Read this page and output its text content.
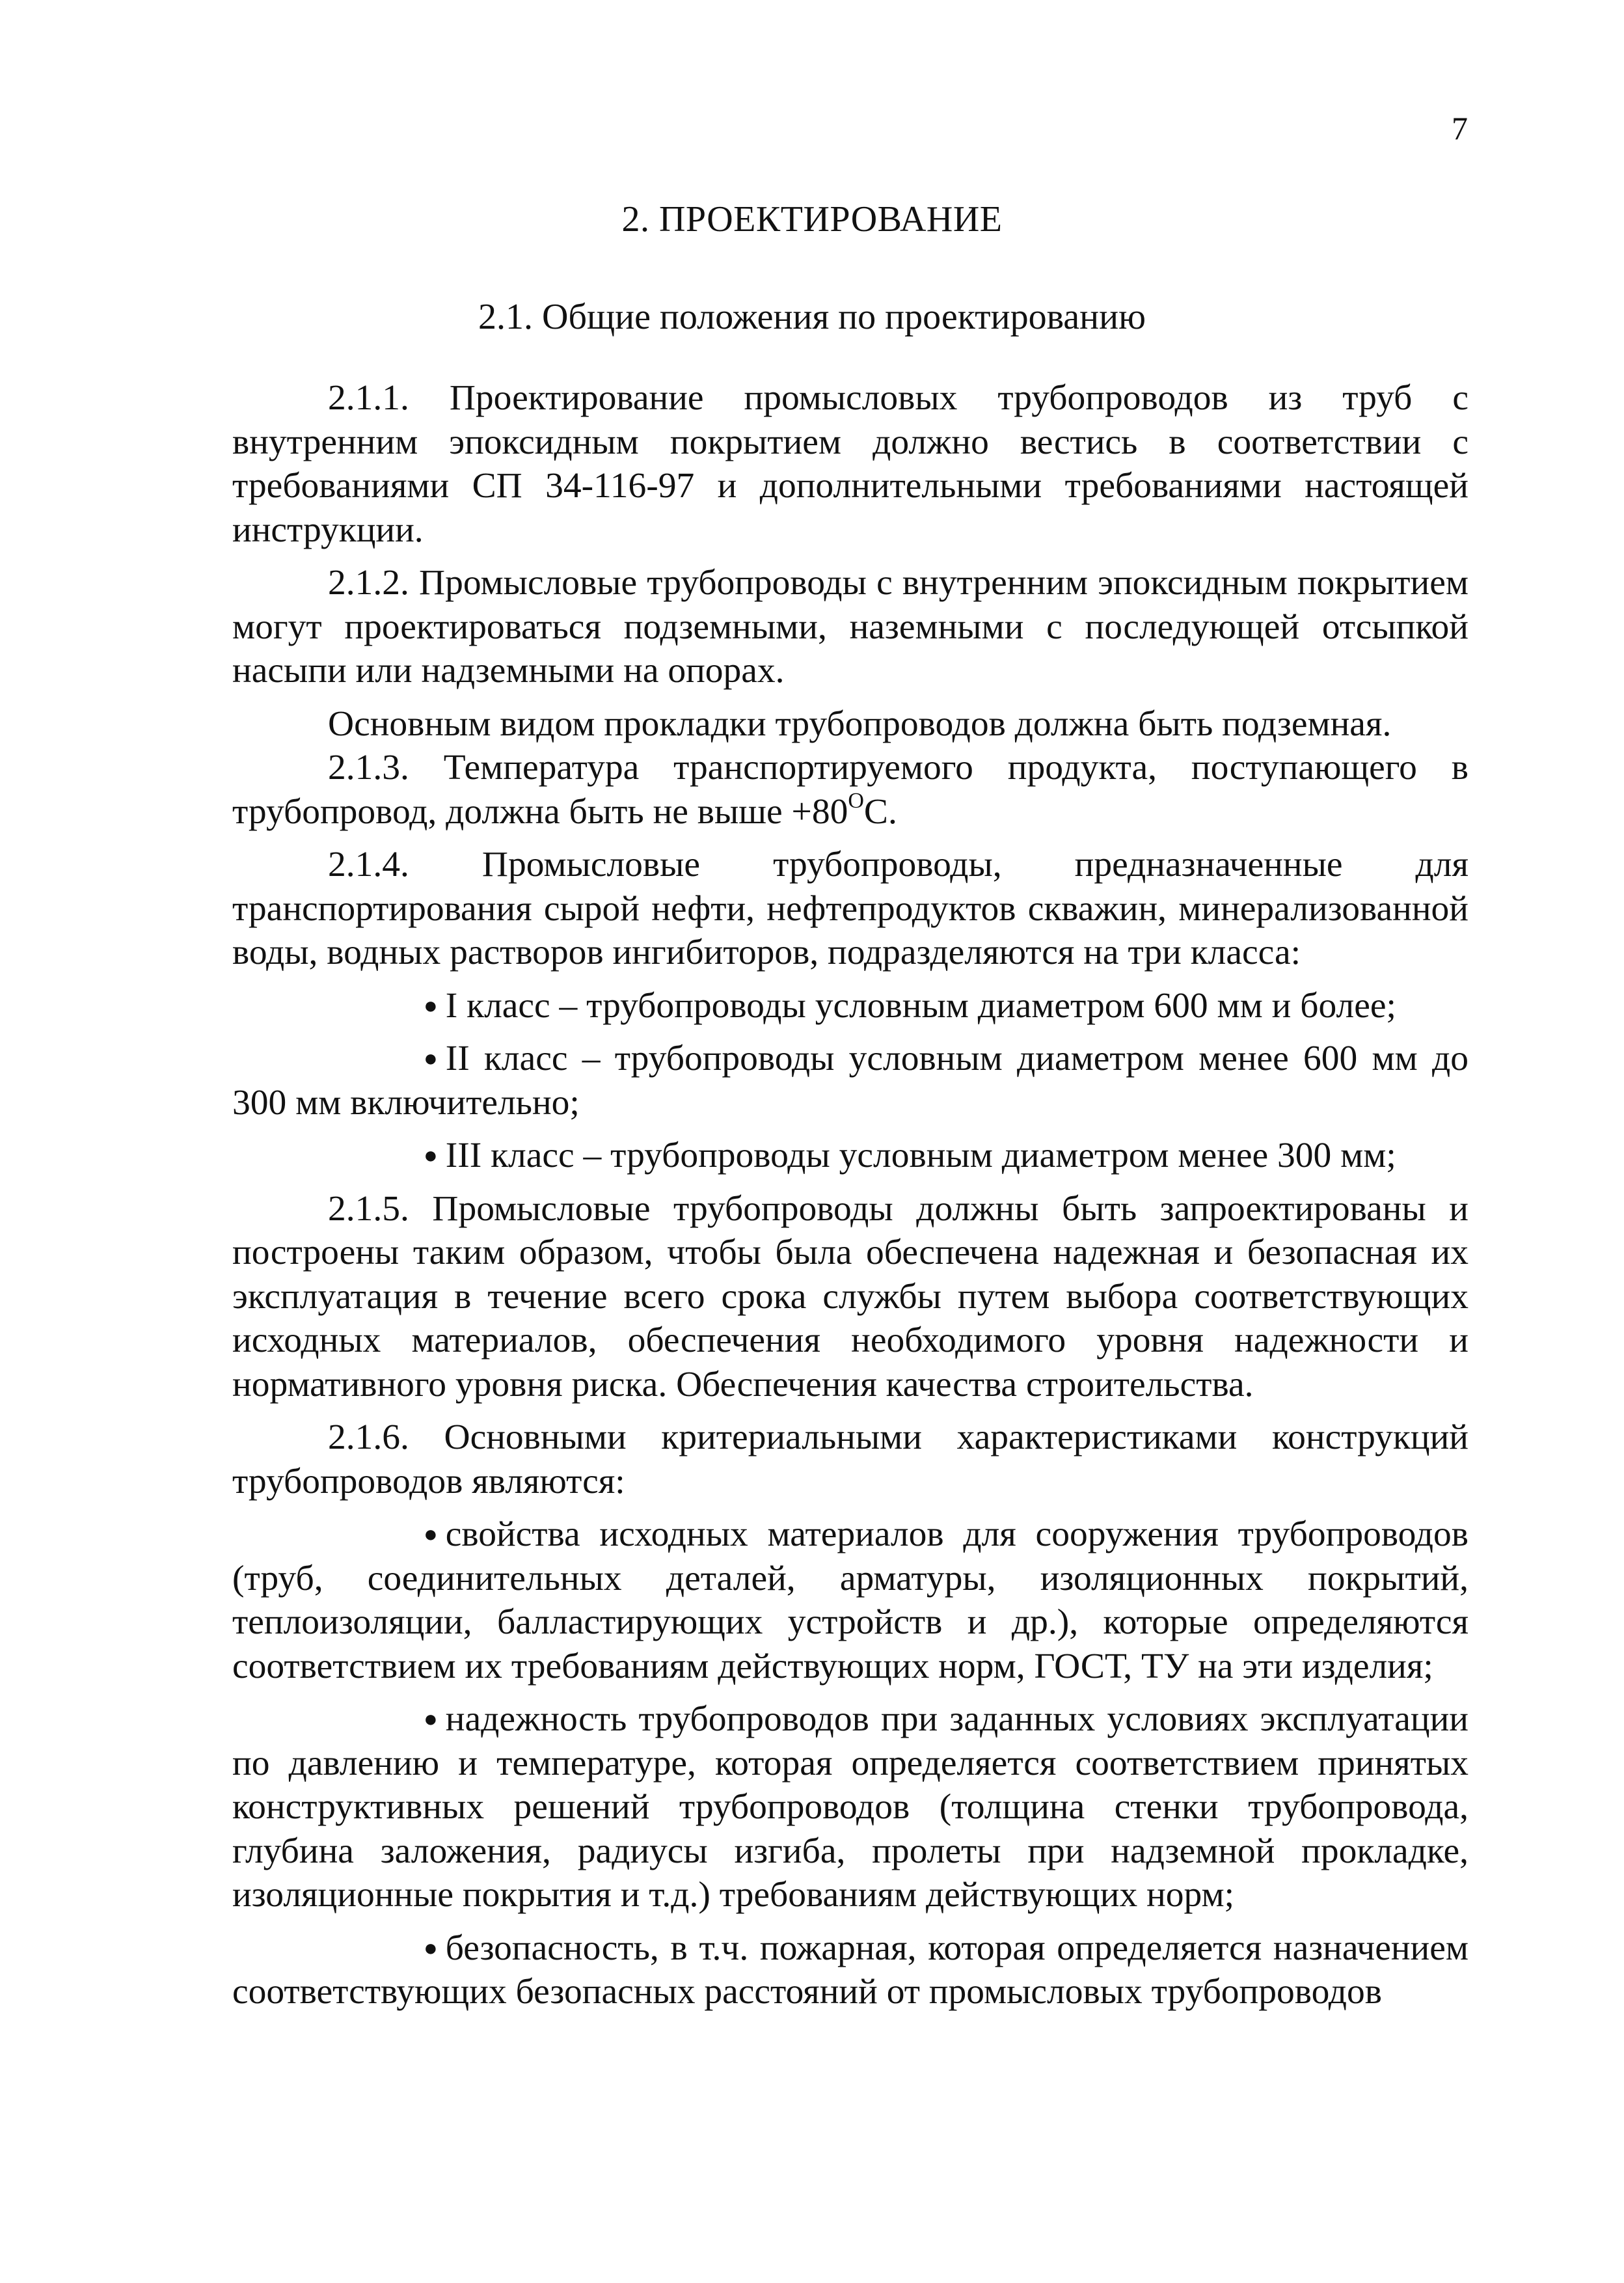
7
2. ПРОЕКТИРОВАНИЕ
2.1. Общие положения по проектированию

2.1.1. Проектирование промысловых трубопроводов из труб с внутренним эпоксидным покрытием должно вестись в соответствии с требованиями СП 34-116-97 и дополнительными требованиями настоящей инструкции.

2.1.2. Промысловые трубопроводы с внутренним эпоксидным покрытием могут проектироваться подземными, наземными с последующей отсыпкой насыпи или надземными на опорах.

Основным видом прокладки трубопроводов должна быть подземная.

2.1.3. Температура транспортируемого продукта, поступающего в трубопровод, должна быть не выше $+80^OС$.

2.1.4. Промысловые трубопроводы, предназначенные для транспортирования сырой нефти, нефтепродуктов скважин, минерализованной воды, водных растворов ингибиторов, подразделяются на три класса:

● I класс – трубопроводы условным диаметром 600 мм и более;

● II класс – трубопроводы условным диаметром менее 600 мм до 300 мм включительно;

● III класс – трубопроводы условным диаметром менее 300 мм;

2.1.5. Промысловые трубопроводы должны быть запроектированы и построены таким образом, чтобы была обеспечена надежная и безопасная их эксплуатация в течение всего срока службы путем выбора соответствующих исходных материалов, обеспечения необходимого уровня надежности и нормативного уровня риска. Обеспечения качества строительства.

2.1.6. Основными критериальными характеристиками конструкций трубопроводов являются:

● свойства исходных материалов для сооружения трубопроводов (труб, соединительных деталей, арматуры, изоляционных покрытий, теплоизоляции, балластирующих устройств и др.), которые определяются соответствием их требованиям действующих норм, ГОСТ, ТУ на эти изделия;

● надежность трубопроводов при заданных условиях эксплуатации по давлению и температуре, которая определяется соответствием принятых конструктивных решений трубопроводов (толщина стенки трубопровода, глубина заложения, радиусы изгиба, пролеты при надземной прокладке, изоляционные покрытия и т.д.) требованиям действующих норм;

● безопасность, в т.ч. пожарная, которая определяется назначением соответствующих безопасных расстояний от промысловых трубопроводов
